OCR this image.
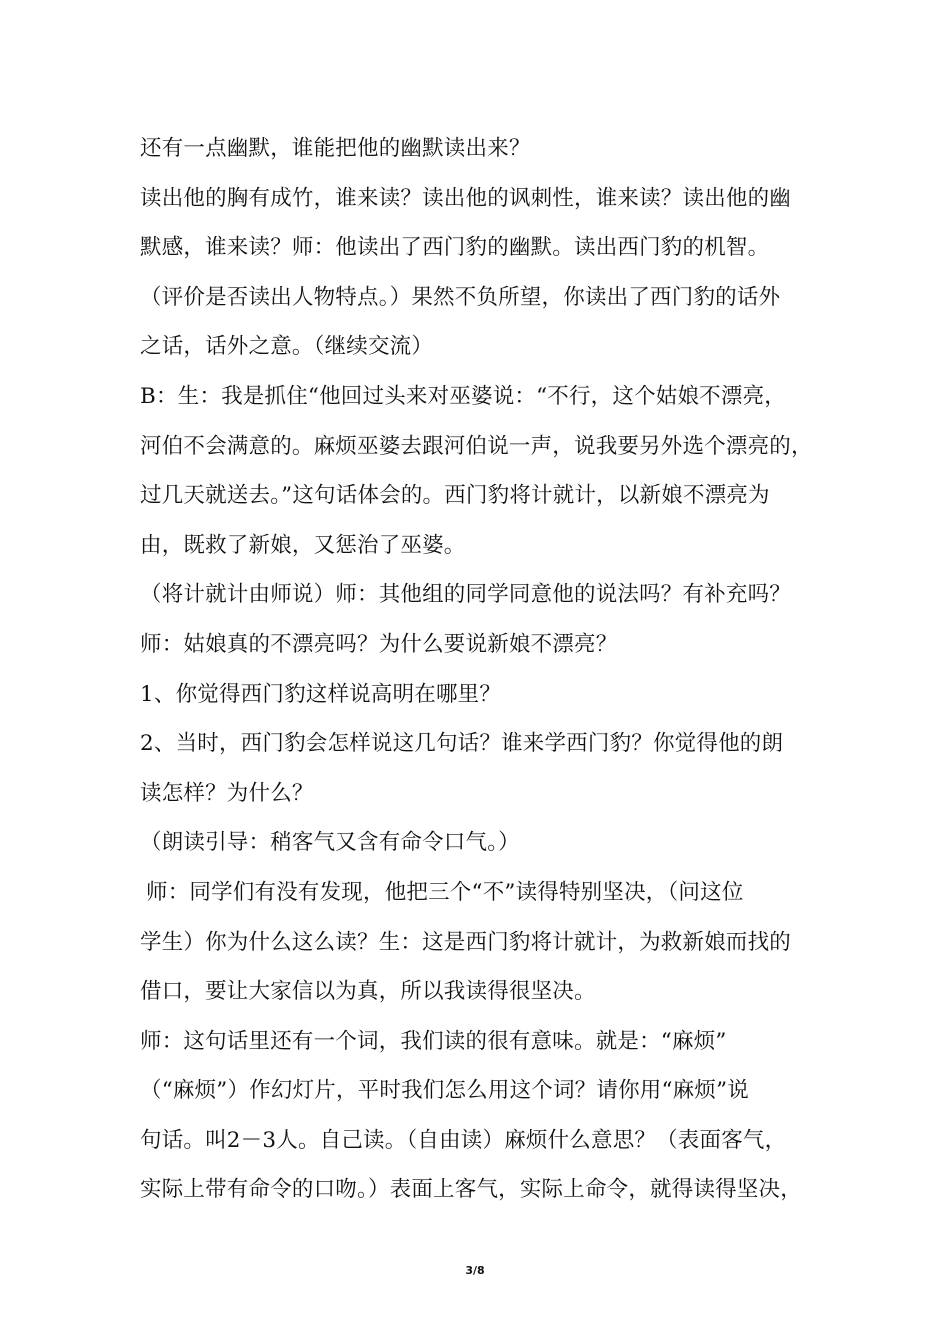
还有一点幽默，谁能把他的幽默读出来？
读出他的胸有成竹，谁来读？读出他的讽刺性，谁来读？读出他的幽
默感，谁来读？师：他读出了西门豹的幽默。读出西门豹的机智。
（评价是否读出人物特点。）果然不负所望，你读出了西门豹的话外
之话，话外之意。（继续交流）
B：生：我是抓住“他回过头来对巫婆说：“不行，这个姑娘不漂亮，
河伯不会满意的。麻烦巫婆去跟河伯说一声，说我要另外选个漂亮的，
过几天就送去。”这句话体会的。西门豹将计就计，以新娘不漂亮为
由，既救了新娘，又惩治了巫婆。
（将计就计由师说）师：其他组的同学同意他的说法吗？有补充吗？
师：姑娘真的不漂亮吗？为什么要说新娘不漂亮？
1、你觉得西门豹这样说高明在哪里？
2、当时，西门豹会怎样说这几句话？谁来学西门豹？你觉得他的朗
读怎样？为什么？
（朗读引导：稍客气又含有命令口气。）
师：同学们有没有发现，他把三个“不”读得特别坚决，（问这位
学生）你为什么这么读？生：这是西门豹将计就计，为救新娘而找的
借口，要让大家信以为真，所以我读得很坚决。
师：这句话里还有一个词，我们读的很有意味。就是：“麻烦”
（“麻烦”）作幻灯片，平时我们怎么用这个词？请你用“麻烦”说
句话。叫2－3人。自己读。（自由读）麻烦什么意思？（表面客气，
实际上带有命令的口吻。）表面上客气，实际上命令，就得读得坚决，
3/8
